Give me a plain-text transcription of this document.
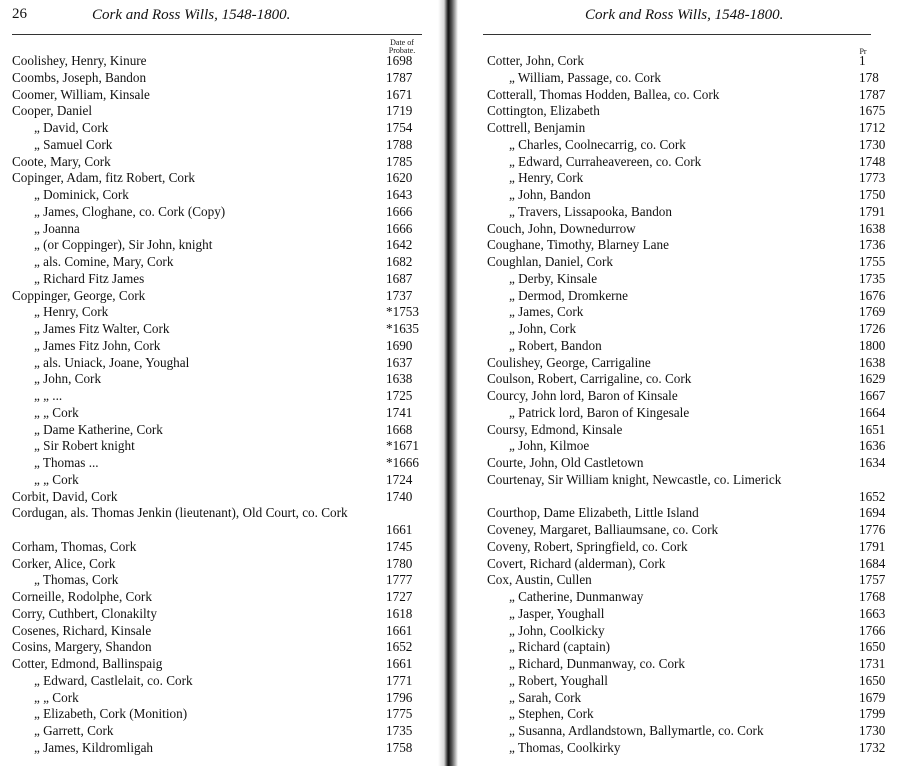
26	Cork and Ross Wills, 1548-1800.
Date of Probate.
Coolishey, Henry, Kinure	1698
Coombs, Joseph, Bandon	1787
Coomer, William, Kinsale	1671
Cooper, Daniel	1719
„ David, Cork	1754
„ Samuel Cork	1788
Coote, Mary, Cork	1785
Copinger, Adam, fitz Robert, Cork	1620
„ Dominick, Cork	1643
„ James, Cloghane, co. Cork (Copy)	1666
„ Joanna	1666
„ (or Coppinger), Sir John, knight	1642
„ als. Comine, Mary, Cork	1682
„ Richard Fitz James	1687
Coppinger, George, Cork	1737
„ Henry, Cork	*1753
„ James Fitz Walter, Cork	*1635
„ James Fitz John, Cork	1690
„ als. Uniack, Joane, Youghal	1637
„ John, Cork	1638
„ „ ...	1725
„ „ Cork	1741
„ Dame Katherine, Cork	1668
„ Sir Robert knight	*1671
„ Thomas ...	*1666
„ „ Cork	1724
Corbit, David, Cork	1740
Cordugan, als. Thomas Jenkin (lieutenant), Old Court, co. Cork
1661
Corham, Thomas, Cork	1745
Corker, Alice, Cork	1780
„ Thomas, Cork	1777
Corneille, Rodolphe, Cork	1727
Corry, Cuthbert, Clonakilty	1618
Cosenes, Richard, Kinsale	1661
Cosins, Margery, Shandon	1652
Cotter, Edmond, Ballinspaig	1661
„ Edward, Castlelait, co. Cork	1771
„ „ Cork	1796
„ Elizabeth, Cork (Monition)	1775
„ Garrett, Cork	1735
„ James, Kildromligah	1758
Cork and Ross Wills, 1548-1800.
Pr
Cotter, John, Cork	1
„ William, Passage, co. Cork	178
Cotterall, Thomas Hodden, Ballea, co. Cork	1787
Cottington, Elizabeth	1675
Cottrell, Benjamin	1712
„ Charles, Coolnecarrig, co. Cork	1730
„ Edward, Curraheavereen, co. Cork	1748
„ Henry, Cork	1773
„ John, Bandon	1750
„ Travers, Lissapooka, Bandon	1791
Couch, John, Downedurrow	1638
Coughane, Timothy, Blarney Lane	1736
Coughlan, Daniel, Cork	1755
„ Derby, Kinsale	1735
„ Dermod, Dromkerne	1676
„ James, Cork	1769
„ John, Cork	1726
„ Robert, Bandon	1800
Coulishey, George, Carrigaline	1638
Coulson, Robert, Carrigaline, co. Cork	1629
Courcy, John lord, Baron of Kinsale	1667
„ Patrick lord, Baron of Kingesale	1664
Coursy, Edmond, Kinsale	1651
„ John, Kilmoe	1636
Courte, John, Old Castletown	1634
Courtenay, Sir William knight, Newcastle, co. Limerick
1652
Courthop, Dame Elizabeth, Little Island	1694
Coveney, Margaret, Balliaumsane, co. Cork	1776
Coveny, Robert, Springfield, co. Cork	1791
Covert, Richard (alderman), Cork	1684
Cox, Austin, Cullen	1757
„ Catherine, Dunmanway	1768
„ Jasper, Youghall	1663
„ John, Coolkicky	1766
„ Richard (captain)	1650
„ Richard, Dunmanway, co. Cork	1731
„ Robert, Youghall	1650
„ Sarah, Cork	1679
„ Stephen, Cork	1799
„ Susanna, Ardlandstown, Ballymartle, co. Cork	1730
„ Thomas, Coolkirky	1732
